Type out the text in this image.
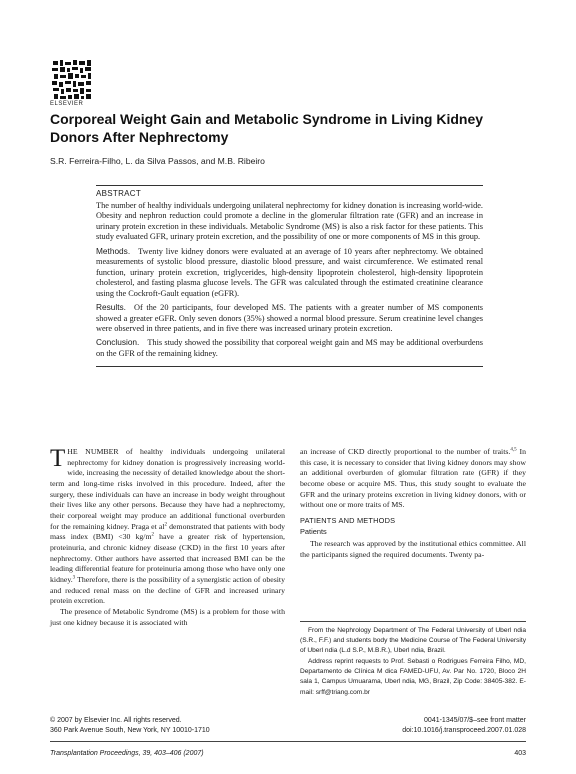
ELSEVIER
Corporeal Weight Gain and Metabolic Syndrome in Living Kidney Donors After Nephrectomy
S.R. Ferreira-Filho, L. da Silva Passos, and M.B. Ribeiro
ABSTRACT

The number of healthy individuals undergoing unilateral nephrectomy for kidney donation is increasing world-wide. Obesity and nephron reduction could promote a decline in the glomerular filtration rate (GFR) and an increase in urinary protein excretion in these individuals. Metabolic Syndrome (MS) is also a risk factor for these patients. This study evaluated GFR, urinary protein excretion, and the possibility of one or more components of MS in this group.

Methods. Twenty live kidney donors were evaluated at an average of 10 years after nephrectomy. We obtained measurements of systolic blood pressure, diastolic blood pressure, and waist circumference. We estimated renal function, urinary protein excretion, triglycerides, high-density lipoprotein cholesterol, high-density lipoprotein cholesterol, and fasting plasma glucose levels. The GFR was calculated through the estimated creatinine clearance using the Cockroft-Gault equation (eGFR).

Results. Of the 20 participants, four developed MS. The patients with a greater number of MS components showed a greater eGFR. Only seven donors (35%) showed a normal blood pressure. Serum creatinine level changes were observed in three patients, and in five there was increased urinary protein excretion.

Conclusion. This study showed the possibility that corporeal weight gain and MS may be additional overburdens on the GFR of the remaining kidney.

THE NUMBER of healthy individuals undergoing unilateral nephrectomy for kidney donation is progressively increasing world-wide, increasing the necessity of detailed knowledge about the short-term and long-time risks involved in this procedure. Indeed, after the surgery, these individuals can have an increase in body weight throughout their lives like any other persons. Because they have had a nephrectomy, their corporeal weight may produce an additional functional overburden for the remaining kidney. Praga et $al^2$ demonstrated that patients with body mass index (BMI) <30 $kg/m^2$ have a greater risk of hypertension, proteinuria, and chronic kidney disease (CKD) in the first 10 years after nephrectomy. Other authors have asserted that increased BMI can be the leading differential feature for proteinuria among those who have only one kidney.$^3$ Therefore, there is the possibility of a synergistic action of obesity and reduced renal mass on the decline of GFR and increased urinary protein excretion.

The presence of Metabolic Syndrome (MS) is a problem for those with just one kidney because it is associated with

an increase of CKD directly proportional to the number of traits.$^{4,5}$ In this case, it is necessary to consider that living kidney donors may show an additional overburden of glomular filtration rate (GFR) if they become obese or acquire MS. Thus, this study sought to evaluate the GFR and the urinary proteins excretion in living kidney donors, with or without one or more traits of MS.

PATIENTS AND METHODS
Patients

The research was approved by the institutional ethics committee. All the participants signed the required documents. Twenty pa-

From the Nephrology Department of The Federal University of Uberl ndia (S.R., F.F.) and students body the Medicine Course of The Federal University of Uberl ndia (L.d S.P., M.B.R.), Uberl ndia, Brazil.

Address reprint requests to Prof. Sebasti o Rodrigues Ferreira Filho, MD, Departamento de Clínica M dica FAMED-UFU, Av. Par No. 1720, Bloco 2H sala 1, Campus Umuarama, Uberl ndia, MG, Brazil, Zip Code: 38405-382. E-mail: srff@triang.com.br

© 2007 by Elsevier Inc. All rights reserved.
360 Park Avenue South, New York, NY 10010-1710
0041-1345/07/$–see front matter
doi:10.1016/j.transproceed.2007.01.028
Transplantation Proceedings, 39, 403–406 (2007)	403
